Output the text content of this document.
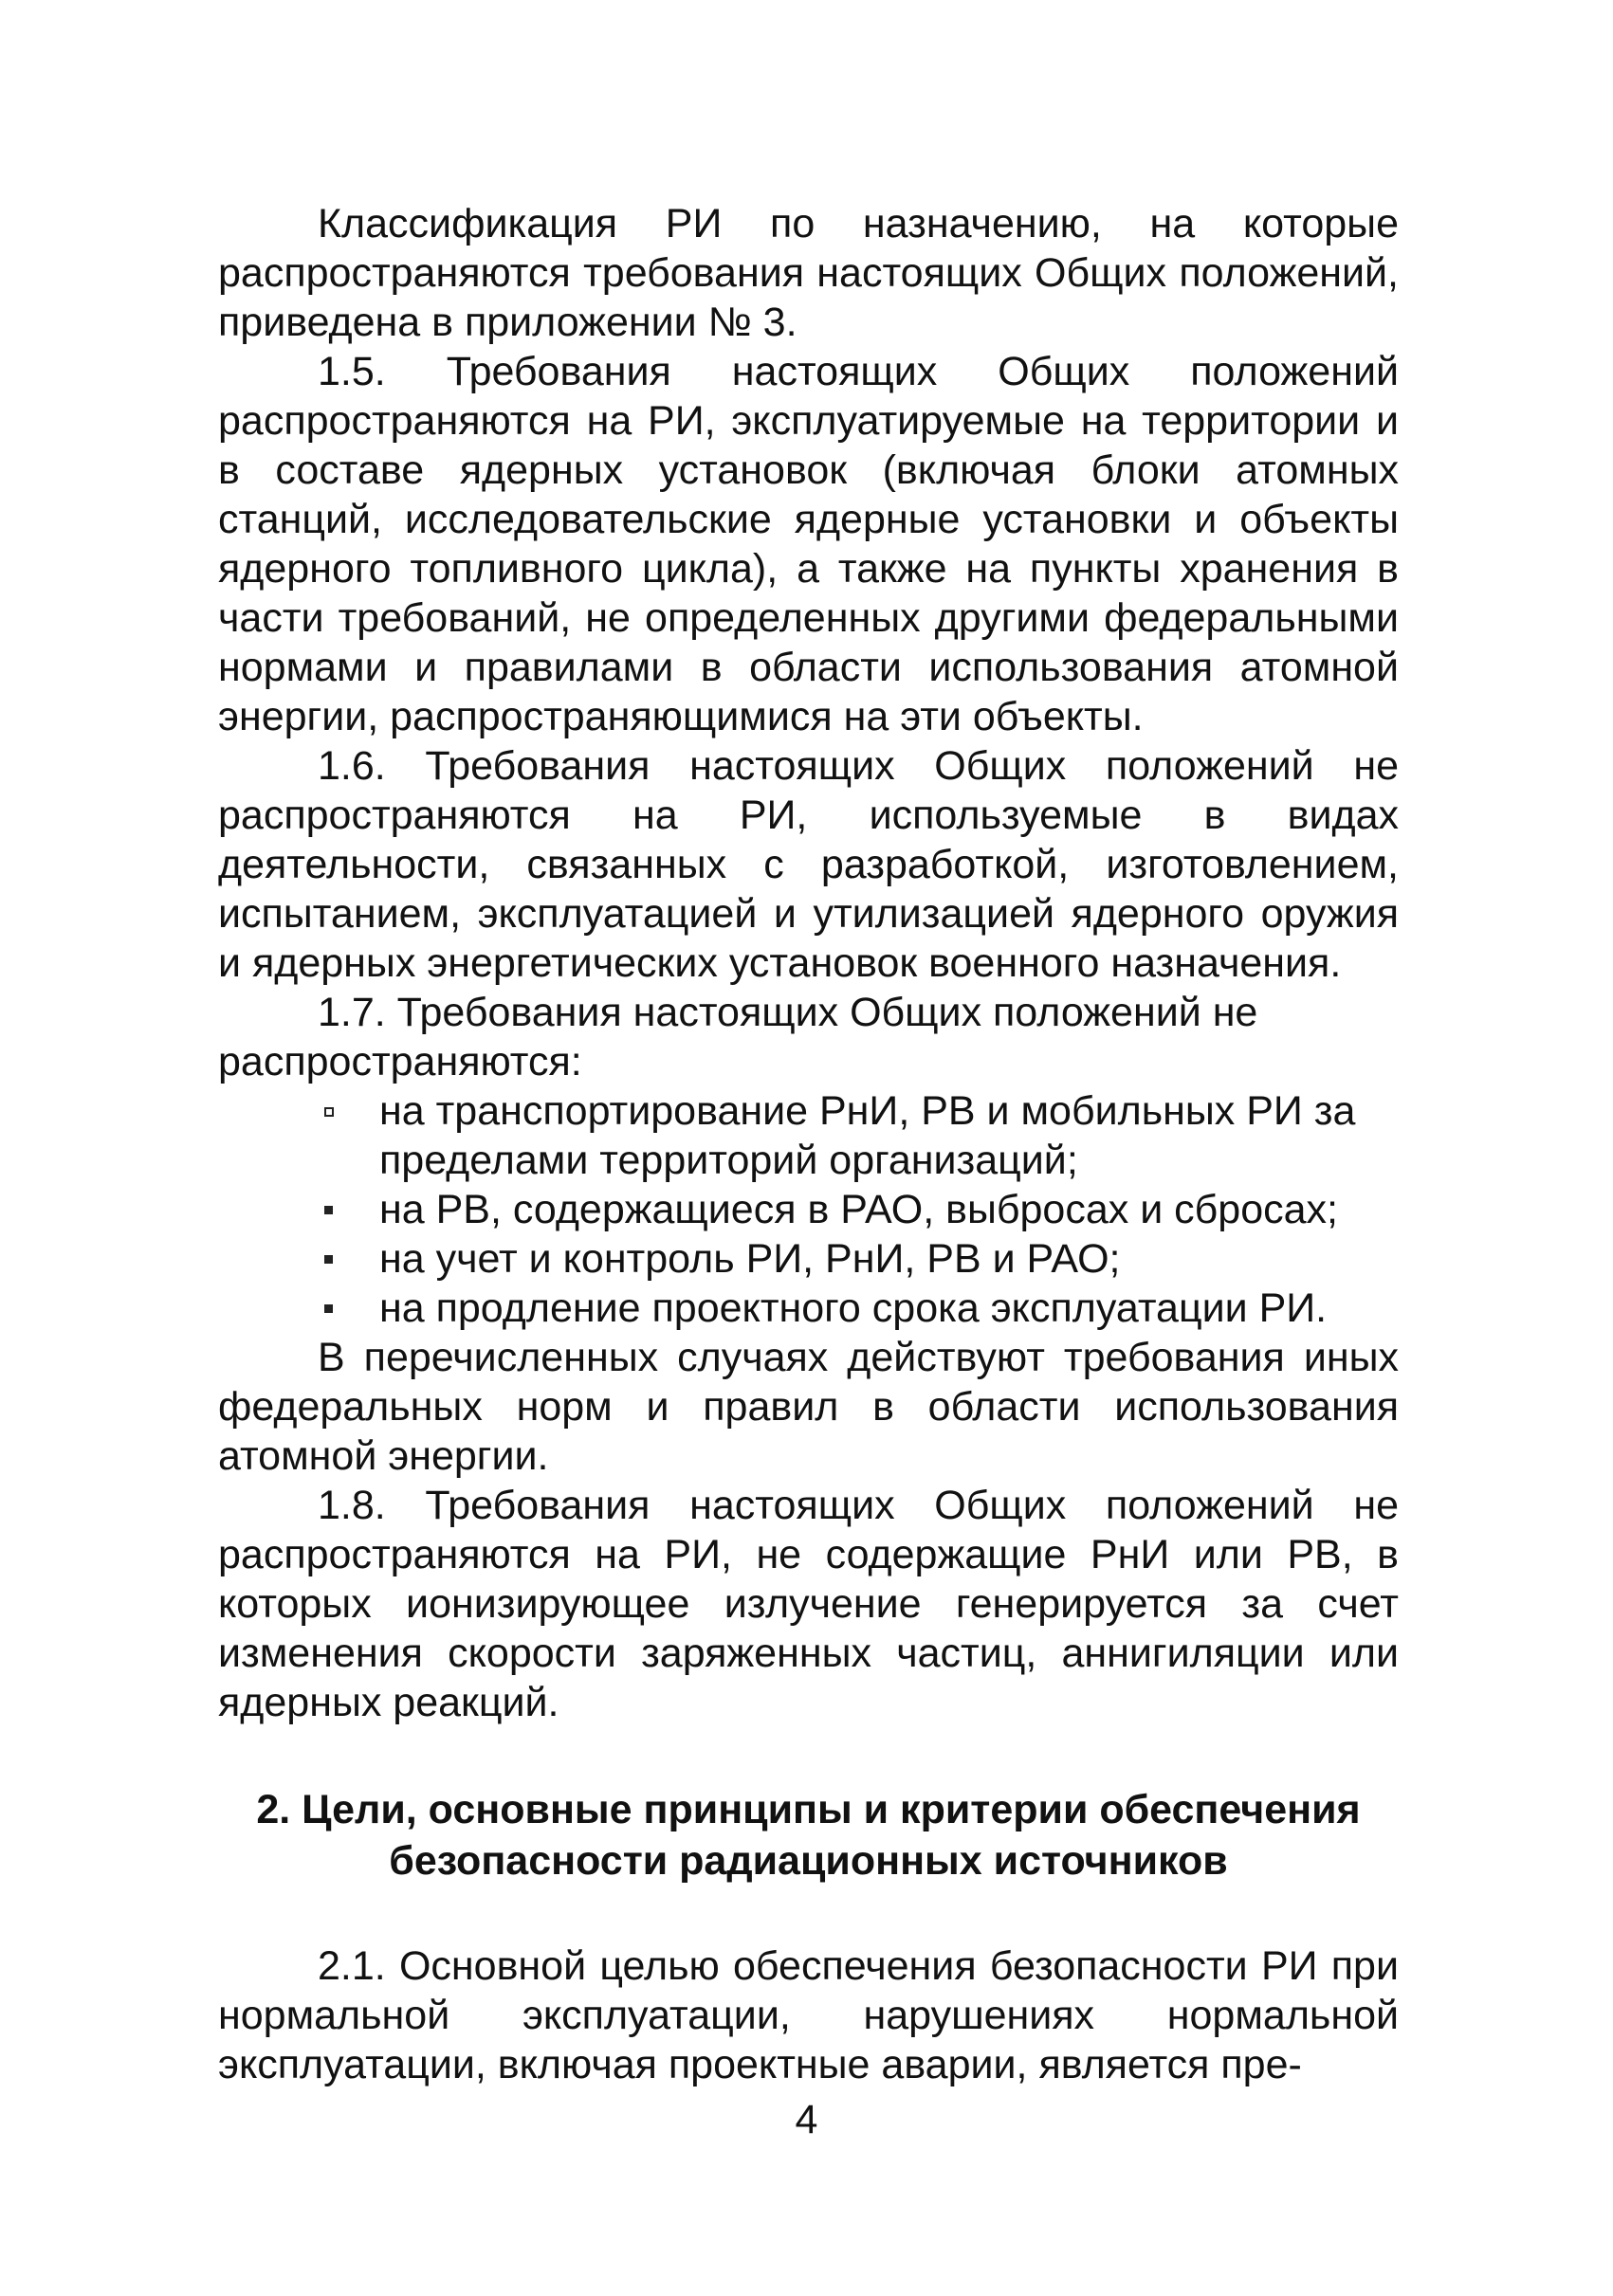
Классификация РИ по назначению, на которые распространяются требования настоящих Общих положений, приведена в приложении № 3.

1.5. Требования настоящих Общих положений распространяются на РИ, эксплуатируемые на территории и в составе ядерных установок (включая блоки атомных станций, исследовательские ядерные установки и объекты ядерного топливного цикла), а также на пункты хранения в части требований, не определенных другими федеральными нормами и правилами в области использования атомной энергии, распространяющимися на эти объекты.

1.6. Требования настоящих Общих положений не распространяются на РИ, используемые в видах деятельности, связанных с разработкой, изготовлением, испытанием, эксплуатацией и утилизацией ядерного оружия и ядерных энергетических установок военного назначения.

1.7. Требования настоящих Общих положений не распространяются:

на транспортирование РнИ, РВ и мобильных РИ за пределами территорий организаций;
на РВ, содержащиеся в РАО, выбросах и сбросах;
на учет и контроль РИ, РнИ, РВ и РАО;
на продление проектного срока эксплуатации РИ.

В перечисленных случаях действуют требования иных федеральных норм и правил в области использования атомной энергии.

1.8. Требования настоящих Общих положений не распространяются на РИ, не содержащие РнИ или РВ, в которых ионизирующее излучение генерируется за счет изменения скорости заряженных частиц, аннигиляции или ядерных реакций.

2. Цели, основные принципы и критерии обеспечения
безопасности радиационных источников

2.1. Основной целью обеспечения безопасности РИ при нормальной эксплуатации, нарушениях нормальной эксплуатации, включая проектные аварии, является пре-

4
